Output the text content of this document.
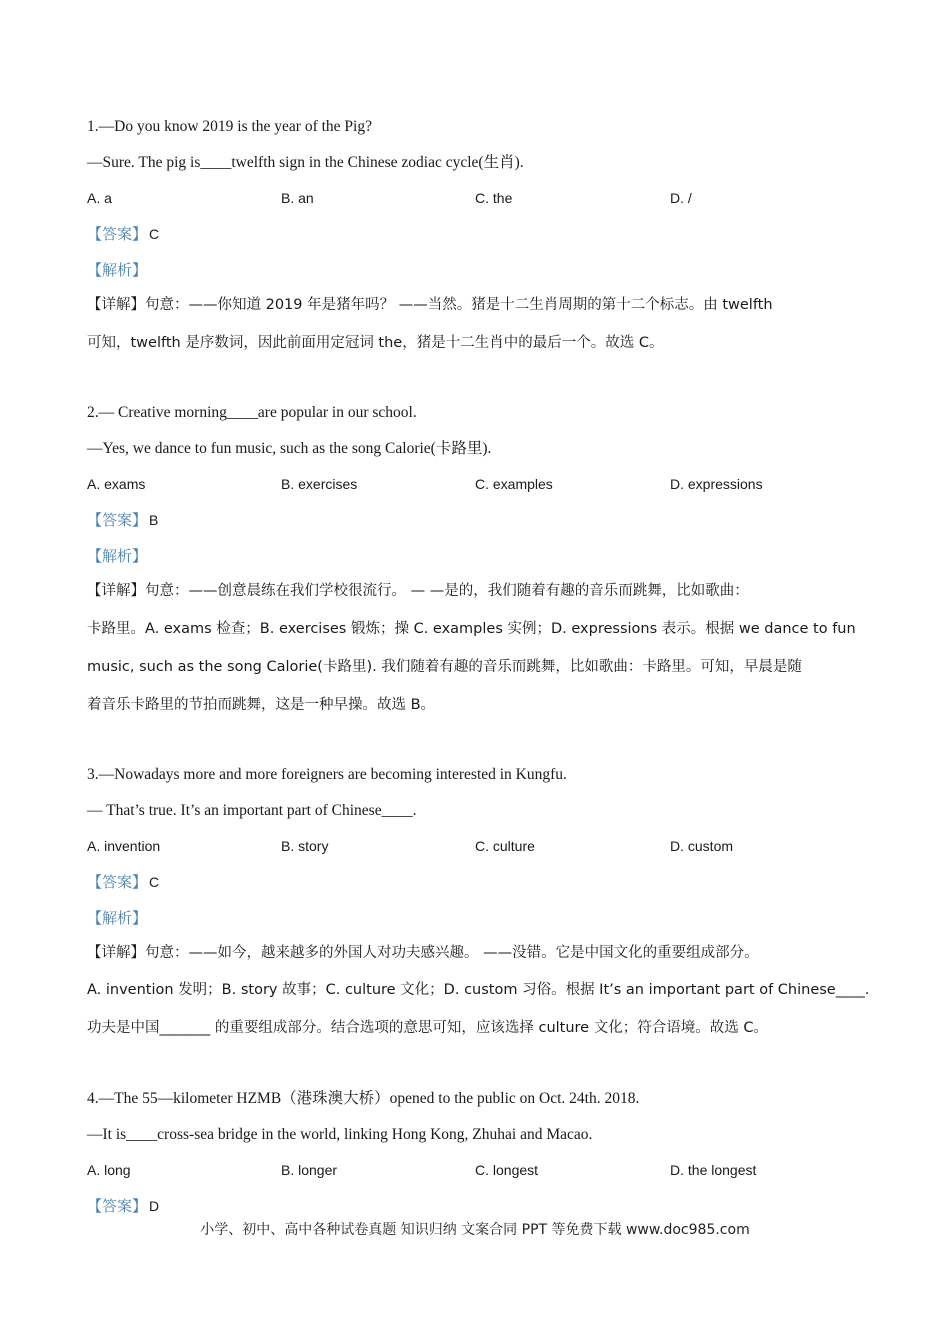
1.—Do you know 2019 is the year of the Pig?
—Sure. The pig is____twelfth sign in the Chinese zodiac cycle(生肖).
A. a	B. an	C. the	D. /
【答案】 C
【解析】
【详解】句意：——你知道 2019 年是猪年吗？ ——当然。猪是十二生肖周期的第十二个标志。由 twelfth
可知，twelfth 是序数词，因此前面用定冠词 the，猪是十二生肖中的最后一个。故选 C。
2.— Creative morning____are popular in our school.
—Yes, we dance to fun music, such as the song Calorie(卡路里).
A. exams	B. exercises	C. examples	D. expressions
【答案】 B
【解析】
【详解】句意：——创意晨练在我们学校很流行。 — —是的，我们随着有趣的音乐而跳舞，比如歌曲：
卡路里。A. exams 检查；B. exercises 锻炼；操 C. examples 实例；D. expressions 表示。根据 we dance to fun
music, such as the song Calorie(卡路里). 我们随着有趣的音乐而跳舞，比如歌曲：卡路里。可知，早晨是随
着音乐卡路里的节拍而跳舞，这是一种早操。故选 B。
3.—Nowadays more and more foreigners are becoming interested in Kungfu.
— That’s true. It’s an important part of Chinese____.
A. invention	B. story	C. culture	D. custom
【答案】 C
【解析】
【详解】句意：——如今，越来越多的外国人对功夫感兴趣。 ——没错。它是中国文化的重要组成部分。
A. invention 发明；B. story 故事；C. culture 文化；D. custom 习俗。根据 It’s an important part of Chinese____.
功夫是中国_______ 的重要组成部分。结合选项的意思可知，应该选择 culture 文化；符合语境。故选 C。
4.—The 55—kilometer HZMB（港珠澳大桥）opened to the public on Oct. 24th. 2018.
—It is____cross-sea bridge in the world, linking Hong Kong, Zhuhai and Macao.
A. long	B. longer	C. longest	D. the longest
【答案】 D
小学、初中、高中各种试卷真题 知识归纳 文案合同 PPT 等免费下载 www.doc985.com
